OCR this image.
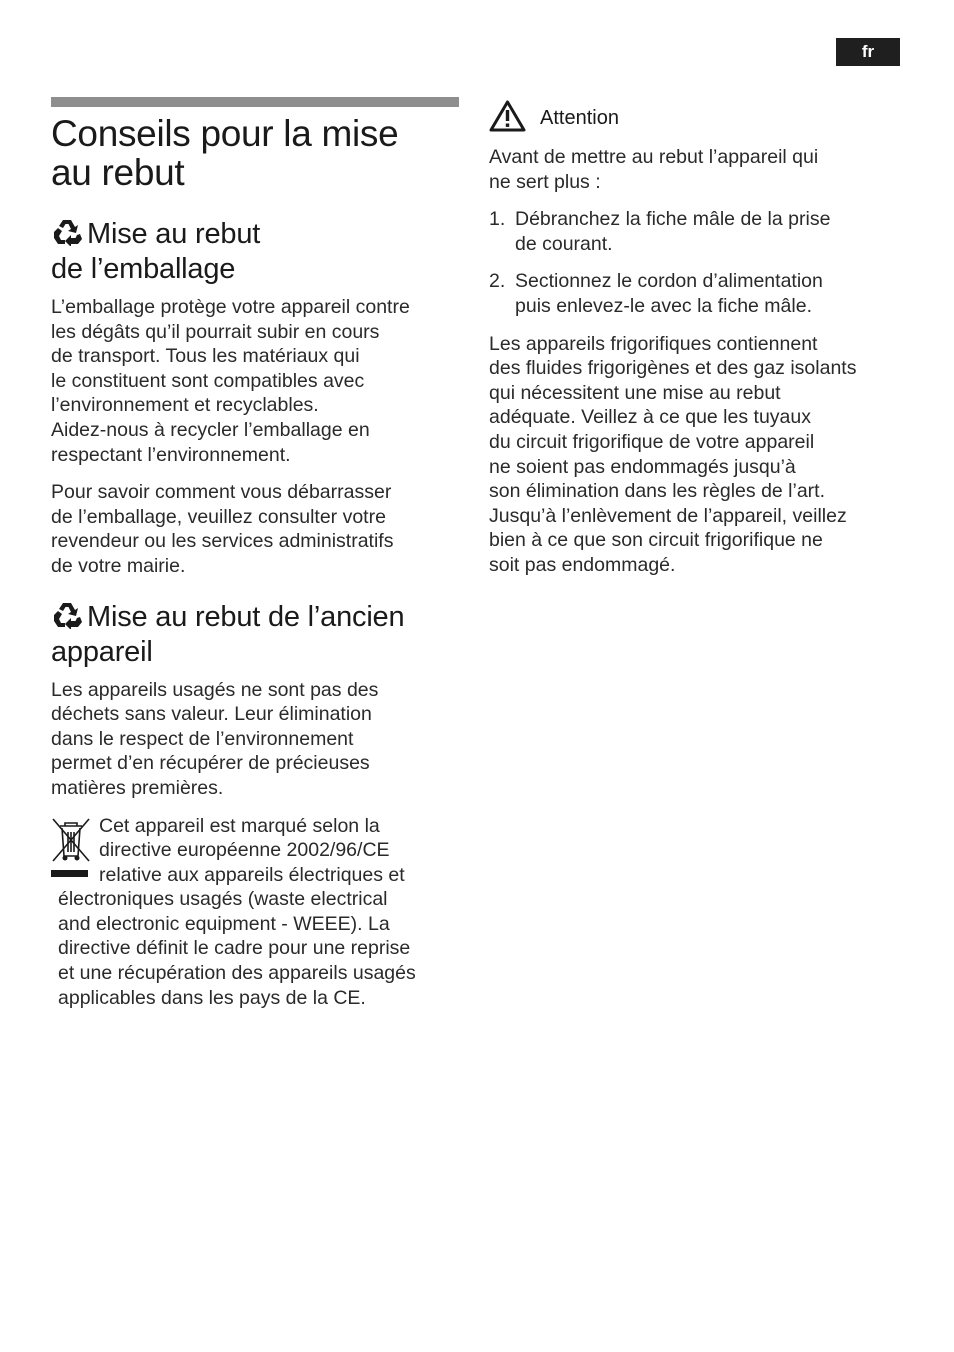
fr
Conseils pour la mise
au rebut
Mise au rebut
de l’emballage

L’emballage protège votre appareil contre
les dégâts qu’il pourrait subir en cours
de transport. Tous les matériaux qui
le constituent sont compatibles avec
l’environnement et recyclables.
Aidez-nous à recycler l’emballage en
respectant l’environnement.

Pour savoir comment vous débarrasser
de l’emballage, veuillez consulter votre
revendeur ou les services administratifs
de votre mairie.

Mise au rebut de l’ancien
appareil

Les appareils usagés ne sont pas des
déchets sans valeur. Leur élimination
dans le respect de l’environnement
permet d’en récupérer de précieuses
matières premières.

Cet appareil est marqué selon la
directive européenne 2002/96/CE
relative aux appareils électriques et

électroniques usagés (waste electrical
and electronic equipment - WEEE). La
directive définit le cadre pour une reprise
et une récupération des appareils usagés
applicables dans les pays de la CE.

Attention

Avant de mettre au rebut l’appareil qui
ne sert plus :

1. Débranchez la fiche mâle de la prise
de courant.
2. Sectionnez le cordon d’alimentation
puis enlevez-le avec la fiche mâle.

Les appareils frigorifiques contiennent
des fluides frigorigènes et des gaz isolants
qui nécessitent une mise au rebut
adéquate. Veillez à ce que les tuyaux
du circuit frigorifique de votre appareil
ne soient pas endommagés jusqu’à
son élimination dans les règles de l’art.
Jusqu’à l’enlèvement de l’appareil, veillez
bien à ce que son circuit frigorifique ne
soit pas endommagé.
